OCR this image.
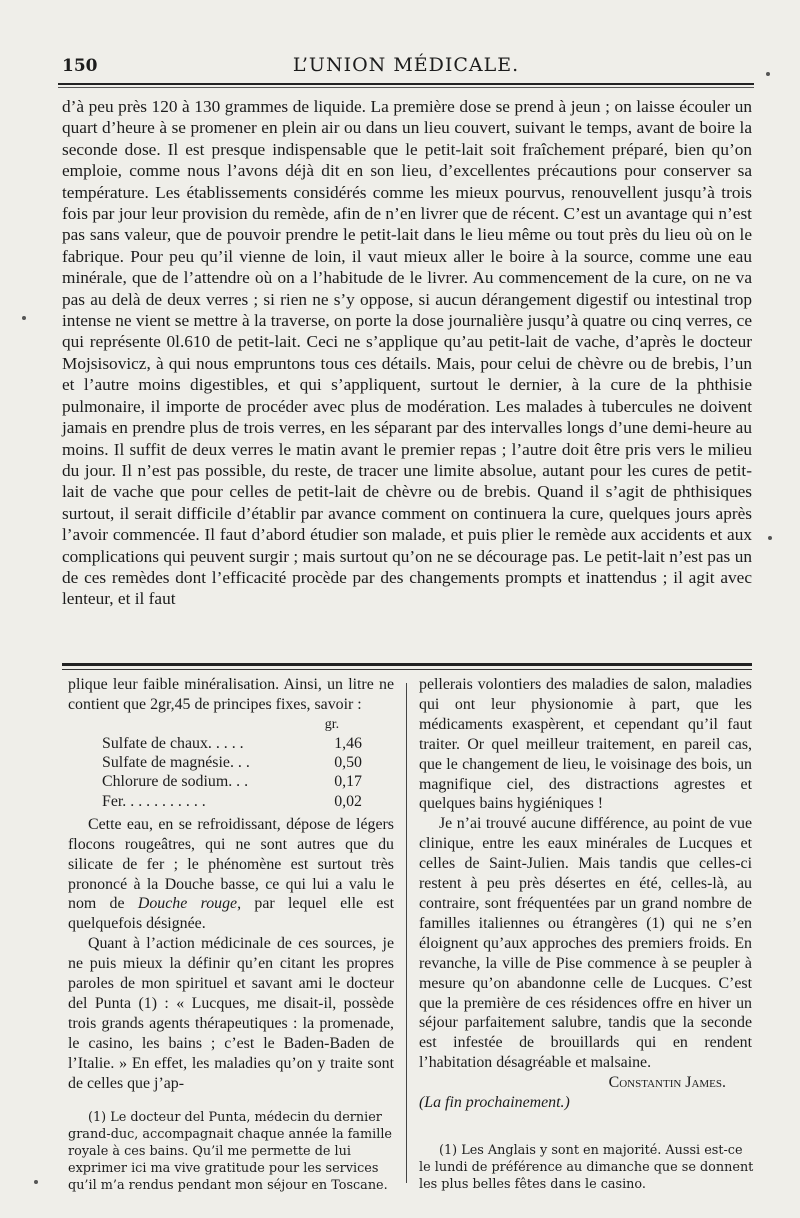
150	L’UNION MÉDICALE.

d’à peu près 120 à 130 grammes de liquide. La première dose se prend à jeun ; on laisse écouler un quart d’heure à se promener en plein air ou dans un lieu couvert, suivant le temps, avant de boire la seconde dose. Il est presque indispensable que le petit-lait soit fraîchement préparé, bien qu’on emploie, comme nous l’avons déjà dit en son lieu, d’excellentes précautions pour conserver sa température. Les établissements considérés comme les mieux pourvus, renouvellent jusqu’à trois fois par jour leur provision du remède, afin de n’en livrer que de récent. C’est un avantage qui n’est pas sans valeur, que de pouvoir prendre le petit-lait dans le lieu même ou tout près du lieu où on le fabrique. Pour peu qu’il vienne de loin, il vaut mieux aller le boire à la source, comme une eau minérale, que de l’attendre où on a l’habitude de le livrer. Au commencement de la cure, on ne va pas au delà de deux verres ; si rien ne s’y oppose, si aucun dérangement digestif ou intestinal trop intense ne vient se mettre à la traverse, on porte la dose journalière jusqu’à quatre ou cinq verres, ce qui représente 0l.610 de petit-lait. Ceci ne s’applique qu’au petit-lait de vache, d’après le docteur Mojsisovicz, à qui nous empruntons tous ces détails. Mais, pour celui de chèvre ou de brebis, l’un et l’autre moins digestibles, et qui s’appliquent, surtout le dernier, à la cure de la phthisie pulmonaire, il importe de procéder avec plus de modération. Les malades à tubercules ne doivent jamais en prendre plus de trois verres, en les séparant par des intervalles longs d’une demi-heure au moins. Il suffit de deux verres le matin avant le premier repas ; l’autre doit être pris vers le milieu du jour. Il n’est pas possible, du reste, de tracer une limite absolue, autant pour les cures de petit-lait de vache que pour celles de petit-lait de chèvre ou de brebis. Quand il s’agit de phthisiques surtout, il serait difficile d’établir par avance comment on continuera la cure, quelques jours après l’avoir commencée. Il faut d’abord étudier son malade, et puis plier le remède aux accidents et aux complications qui peuvent surgir ; mais surtout qu’on ne se décourage pas. Le petit-lait n’est pas un de ces remèdes dont l’efficacité procède par des changements prompts et inattendus ; il agit avec lenteur, et il faut

plique leur faible minéralisation. Ainsi, un litre ne contient que 2gr,45 de principes fixes, savoir :

	gr.
Sulfate de chaux. . . . .	1,46
Sulfate de magnésie. . .	0,50
Chlorure de sodium. . .	0,17
Fer. . . . . . . . . . .	0,02

Cette eau, en se refroidissant, dépose de légers flocons rougeâtres, qui ne sont autres que du silicate de fer ; le phénomène est surtout très prononcé à la Douche basse, ce qui lui a valu le nom de Douche rouge, par lequel elle est quelquefois désignée.

Quant à l’action médicinale de ces sources, je ne puis mieux la définir qu’en citant les propres paroles de mon spirituel et savant ami le docteur del Punta (1) : « Lucques, me disait-il, possède trois grands agents thérapeutiques : la promenade, le casino, les bains ; c’est le Baden-Baden de l’Italie. » En effet, les maladies qu’on y traite sont de celles que j’ap-

(1) Le docteur del Punta, médecin du dernier grand-duc, accompagnait chaque année la famille royale à ces bains. Qu’il me permette de lui exprimer ici ma vive gratitude pour les services qu’il m’a rendus pendant mon séjour en Toscane.

pellerais volontiers des maladies de salon, maladies qui ont leur physionomie à part, que les médicaments exaspèrent, et cependant qu’il faut traiter. Or quel meilleur traitement, en pareil cas, que le changement de lieu, le voisinage des bois, un magnifique ciel, des distractions agrestes et quelques bains hygiéniques !

Je n’ai trouvé aucune différence, au point de vue clinique, entre les eaux minérales de Lucques et celles de Saint-Julien. Mais tandis que celles-ci restent à peu près désertes en été, celles-là, au contraire, sont fréquentées par un grand nombre de familles italiennes ou étrangères (1) qui ne s’en éloignent qu’aux approches des premiers froids. En revanche, la ville de Pise commence à se peupler à mesure qu’on abandonne celle de Lucques. C’est que la première de ces résidences offre en hiver un séjour parfaitement salubre, tandis que la seconde est infestée de brouillards qui en rendent l’habitation désagréable et malsaine.

Constantin James.

(La fin prochainement.)

(1) Les Anglais y sont en majorité. Aussi est-ce le lundi de préférence au dimanche que se donnent les plus belles fêtes dans le casino.
